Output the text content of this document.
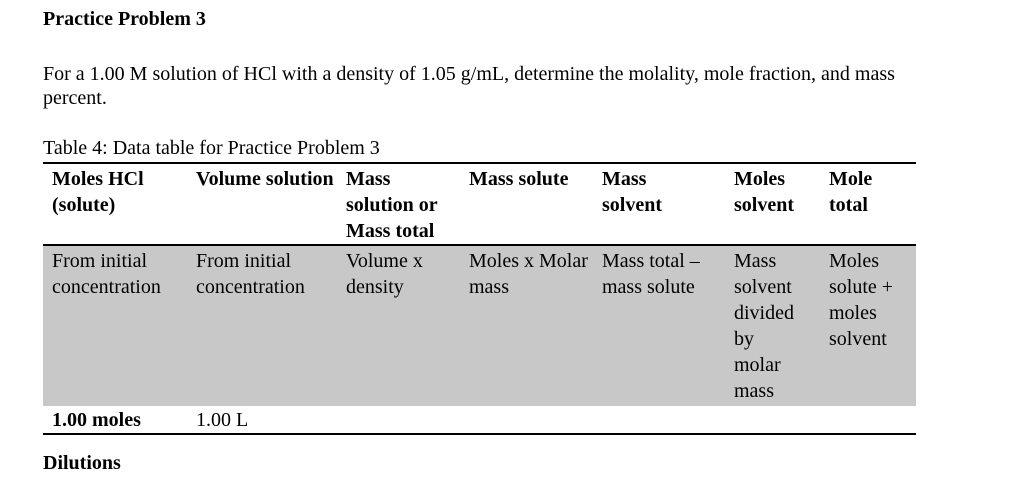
Practice Problem 3
For a 1.00 M solution of HCl with a density of 1.05 g/mL, determine the molality, mole fraction, and mass percent.
Table 4: Data table for Practice Problem 3
Moles HCl (solute)	Volume solution	Mass solution or Mass total	Mass solute	Mass solvent	Moles solvent	Mole total
From initial concentration	From initial concentration	Volume x density	Moles x Molar mass	Mass total – mass solute	Mass solvent divided by molar mass	Moles solute + moles solvent
1.00 moles	1.00 L					
Dilutions
